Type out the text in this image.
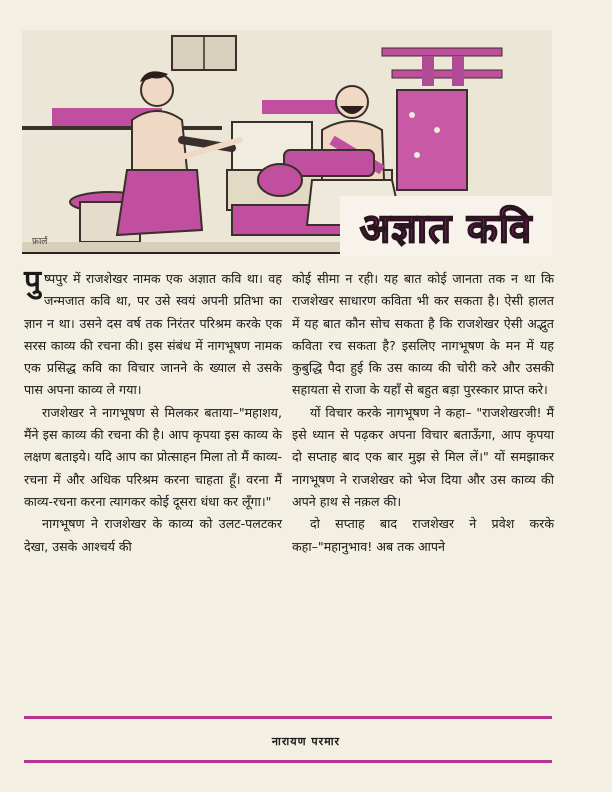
फ़ार्ल	अज्ञात कवि

पुष्पपुर में राजशेखर नामक एक अज्ञात कवि था। वह जन्मजात कवि था, पर उसे स्वयं अपनी प्रतिभा का ज्ञान न था। उसने दस वर्ष तक निरंतर परिश्रम करके एक सरस काव्य की रचना की। इस संबंध में नागभूषण नामक एक प्रसिद्ध कवि का विचार जानने के ख्याल से उसके पास अपना काव्य ले गया।

राजशेखर ने नागभूषण से मिलकर बताया–"महाशय, मैंने इस काव्य की रचना की है। आप कृपया इस काव्य के लक्षण बताइये। यदि आप का प्रोत्साहन मिला तो मैं काव्य-रचना में और अधिक परिश्रम करना चाहता हूँ। वरना मैं काव्य-रचना करना त्यागकर कोई दूसरा धंधा कर लूँगा।"

नागभूषण ने राजशेखर के काव्य को उलट-पलटकर देखा, उसके आश्चर्य की

कोई सीमा न रही। यह बात कोई जानता तक न था कि राजशेखर साधारण कविता भी कर सकता है। ऐसी हालत में यह बात कौन सोच सकता है कि राजशेखर ऐसी अद्भुत कविता रच सकता है? इसलिए नागभूषण के मन में यह कुबुद्धि पैदा हुई कि उस काव्य की चोरी करे और उसकी सहायता से राजा के यहाँ से बहुत बड़ा पुरस्कार प्राप्त करे।

यों विचार करके नागभूषण ने कहा– "राजशेखरजी! मैं इसे ध्यान से पढ़कर अपना विचार बताऊँगा, आप कृपया दो सप्ताह बाद एक बार मुझ से मिल लें।" यों समझाकर नागभूषण ने राजशेखर को भेज दिया और उस काव्य की अपने हाथ से नक़ल की।

दो सप्ताह बाद राजशेखर ने प्रवेश करके कहा–"महानुभाव! अब तक आपने

नारायण परमार
